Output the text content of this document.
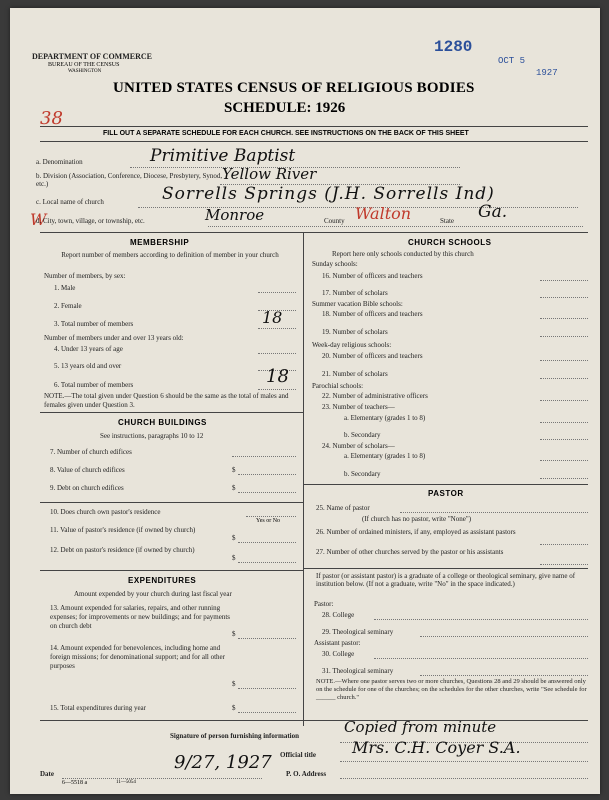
DEPARTMENT OF COMMERCE
BUREAU OF THE CENSUS
WASHINGTON
1280
OCT 5
1927
UNITED STATES CENSUS OF RELIGIOUS BODIES
SCHEDULE: 1926
38
FILL OUT A SEPARATE SCHEDULE FOR EACH CHURCH. SEE INSTRUCTIONS ON THE BACK OF THIS SHEET
a. Denomination	Primitive Baptist
b. Division (Association, Conference, Diocese, Presbytery, Synod, etc.)
Yellow River
c. Local name of church	Sorrells Springs (J.H. Sorrells Ind)
W
d. City, town, village, or township, etc.	Monroe	County Walton	State Ga.
MEMBERSHIP
Report number of members according to definition of member in your church
Number of members, by sex:
1. Male
2. Female
3. Total number of members	18
Number of members under and over 13 years old:
4. Under 13 years of age
5. 13 years old and over
6. Total number of members	18
NOTE.—The total given under Question 6 should be the same as the total of males and females given under Question 3.
CHURCH BUILDINGS
See instructions, paragraphs 10 to 12
7. Number of church edifices
8. Value of church edifices	$
9. Debt on church edifices	$
10. Does church own pastor's residence
Yes or No
11. Value of pastor's residence (if owned by church)
$
12. Debt on pastor's residence (if owned by church)
$
EXPENDITURES
Amount expended by your church during last fiscal year
13. Amount expended for salaries, repairs, and other running expenses; for improvements or new buildings; and for payments on church debt
$
14. Amount expended for benevolences, including home and foreign missions; for denominational support; and for all other purposes
$
15. Total expenditures during year	$
CHURCH SCHOOLS
Report here only schools conducted by this church
Sunday schools:
16. Number of officers and teachers
17. Number of scholars
Summer vacation Bible schools:
18. Number of officers and teachers
19. Number of scholars
Week-day religious schools:
20. Number of officers and teachers
21. Number of scholars
Parochial schools:
22. Number of administrative officers
23. Number of teachers—
a. Elementary (grades 1 to 8)
b. Secondary
24. Number of scholars—
a. Elementary (grades 1 to 8)
b. Secondary
PASTOR
25. Name of pastor
(If church has no pastor, write "None")
26. Number of ordained ministers, if any, employed as assistant pastors
27. Number of other churches served by the pastor or his assistants
If pastor (or assistant pastor) is a graduate of a college or theological seminary, give name of institution below. (If not a graduate, write "No" in the space indicated.)
Pastor:
28. College
29. Theological seminary
Assistant pastor:
30. College
31. Theological seminary
NOTE.—Where one pastor serves two or more churches, Questions 28 and 29 should be answered only on the schedule for one of the churches; on the schedules for the other churches, write "See schedule for ______ church."
Signature of person furnishing information	Copied from minute
Official title Mrs. C.H. Coyer S.A.
Date
9/27, 1927
P. O. Address
6—5518 a	11—5054
